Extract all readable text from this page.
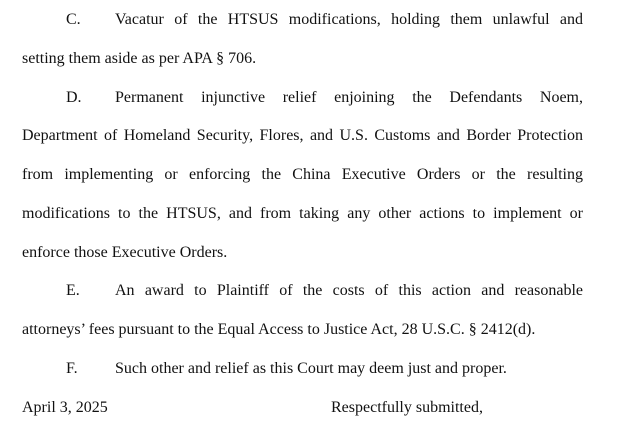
C. Vacatur of the HTSUS modifications, holding them unlawful and
setting them aside as per APA § 706.
D. Permanent injunctive relief enjoining the Defendants Noem,
Department of Homeland Security, Flores, and U.S. Customs and Border Protection
from implementing or enforcing the China Executive Orders or the resulting
modifications to the HTSUS, and from taking any other actions to implement or
enforce those Executive Orders.
E. An award to Plaintiff of the costs of this action and reasonable
attorneys’ fees pursuant to the Equal Access to Justice Act, 28 U.S.C. § 2412(d).
F. Such other and relief as this Court may deem just and proper.
April 3, 2025	Respectfully submitted,
